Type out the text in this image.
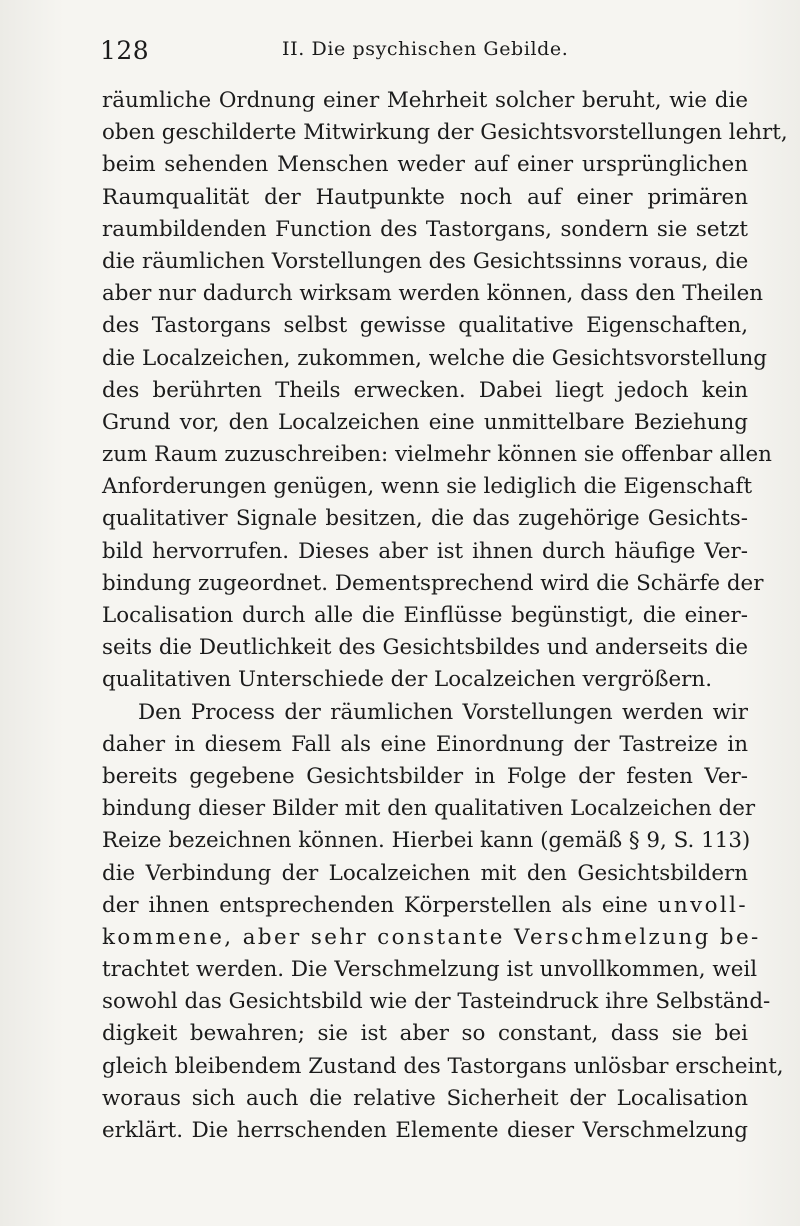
128	II. Die psychischen Gebilde.
räumliche Ordnung einer Mehrheit solcher beruht, wie die
oben geschilderte Mitwirkung der Gesichtsvorstellungen lehrt,
beim sehenden Menschen weder auf einer ursprünglichen
Raumqualität der Hautpunkte noch auf einer primären
raumbildenden Function des Tastorgans, sondern sie setzt
die räumlichen Vorstellungen des Gesichtssinns voraus, die
aber nur dadurch wirksam werden können, dass den Theilen
des Tastorgans selbst gewisse qualitative Eigenschaften,
die Localzeichen, zukommen, welche die Gesichtsvorstellung
des berührten Theils erwecken. Dabei liegt jedoch kein
Grund vor, den Localzeichen eine unmittelbare Beziehung
zum Raum zuzuschreiben: vielmehr können sie offenbar allen
Anforderungen genügen, wenn sie lediglich die Eigenschaft
qualitativer Signale besitzen, die das zugehörige Gesichts-
bild hervorrufen. Dieses aber ist ihnen durch häufige Ver-
bindung zugeordnet. Dementsprechend wird die Schärfe der
Localisation durch alle die Einflüsse begünstigt, die einer-
seits die Deutlichkeit des Gesichtsbildes und anderseits die
qualitativen Unterschiede der Localzeichen vergrößern.
Den Process der räumlichen Vorstellungen werden wir
daher in diesem Fall als eine Einordnung der Tastreize in
bereits gegebene Gesichtsbilder in Folge der festen Ver-
bindung dieser Bilder mit den qualitativen Localzeichen der
Reize bezeichnen können. Hierbei kann (gemäß § 9, S. 113)
die Verbindung der Localzeichen mit den Gesichtsbildern
der ihnen entsprechenden Körperstellen als eine unvoll-
kommene, aber sehr constante Verschmelzung be-
trachtet werden. Die Verschmelzung ist unvollkommen, weil
sowohl das Gesichtsbild wie der Tasteindruck ihre Selbständ-
digkeit bewahren; sie ist aber so constant, dass sie bei
gleich bleibendem Zustand des Tastorgans unlösbar erscheint,
woraus sich auch die relative Sicherheit der Localisation
erklärt. Die herrschenden Elemente dieser Verschmelzung
